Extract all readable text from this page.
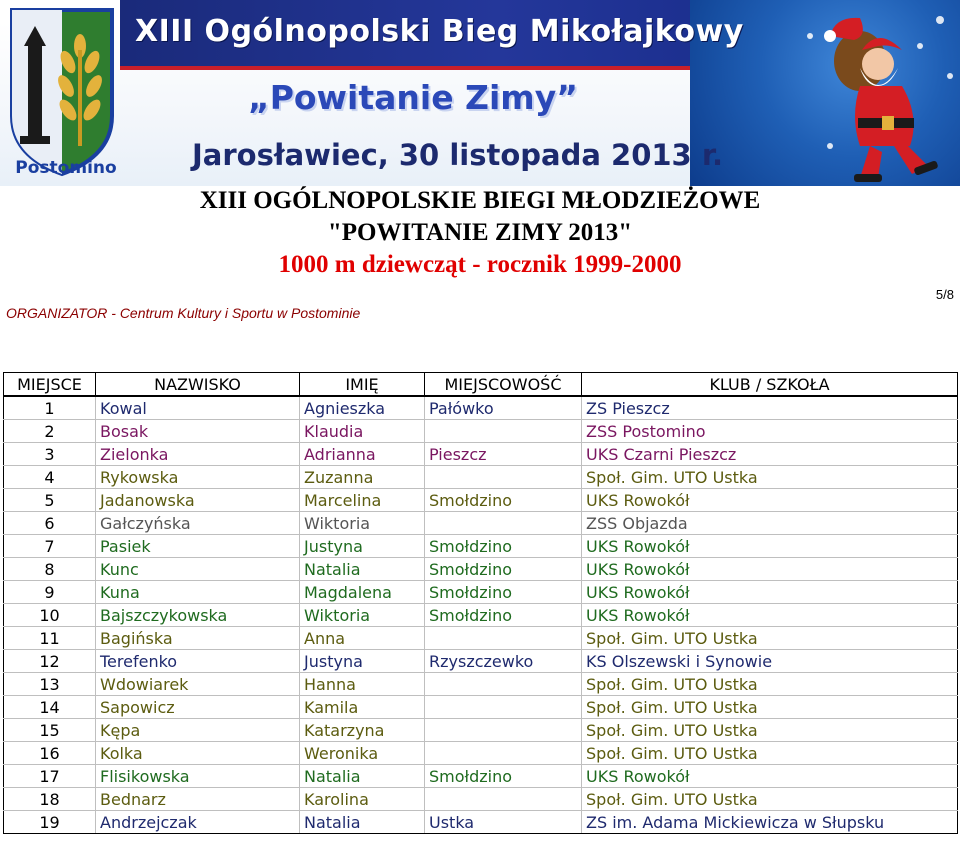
Postomino
XIII Ogólnopolski Bieg Mikołajkowy
„Powitanie Zimy”
Jarosławiec, 30 listopada 2013 r.
XIII OGÓLNOPOLSKIE BIEGI MŁODZIEŻOWE
"POWITANIE ZIMY 2013"
1000 m dziewcząt - rocznik 1999-2000
5/8
ORGANIZATOR - Centrum Kultury i Sportu w Postominie
MIEJSCE	NAZWISKO	IMIĘ	MIEJSCOWOŚĆ	KLUB / SZKOŁA
1	Kowal	Agnieszka	Pałówko	ZS Pieszcz
2	Bosak	Klaudia		ZSS Postomino
3	Zielonka	Adrianna	Pieszcz	UKS Czarni Pieszcz
4	Rykowska	Zuzanna		Społ. Gim. UTO Ustka
5	Jadanowska	Marcelina	Smołdzino	UKS Rowokół
6	Gałczyńska	Wiktoria		ZSS Objazda
7	Pasiek	Justyna	Smołdzino	UKS Rowokół
8	Kunc	Natalia	Smołdzino	UKS Rowokół
9	Kuna	Magdalena	Smołdzino	UKS Rowokół
10	Bajszczykowska	Wiktoria	Smołdzino	UKS Rowokół
11	Bagińska	Anna		Społ. Gim. UTO Ustka
12	Terefenko	Justyna	Rzyszczewko	KS Olszewski i Synowie
13	Wdowiarek	Hanna		Społ. Gim. UTO Ustka
14	Sapowicz	Kamila		Społ. Gim. UTO Ustka
15	Kępa	Katarzyna		Społ. Gim. UTO Ustka
16	Kolka	Weronika		Społ. Gim. UTO Ustka
17	Flisikowska	Natalia	Smołdzino	UKS Rowokół
18	Bednarz	Karolina		Społ. Gim. UTO Ustka
19	Andrzejczak	Natalia	Ustka	ZS im. Adama Mickiewicza w Słupsku
